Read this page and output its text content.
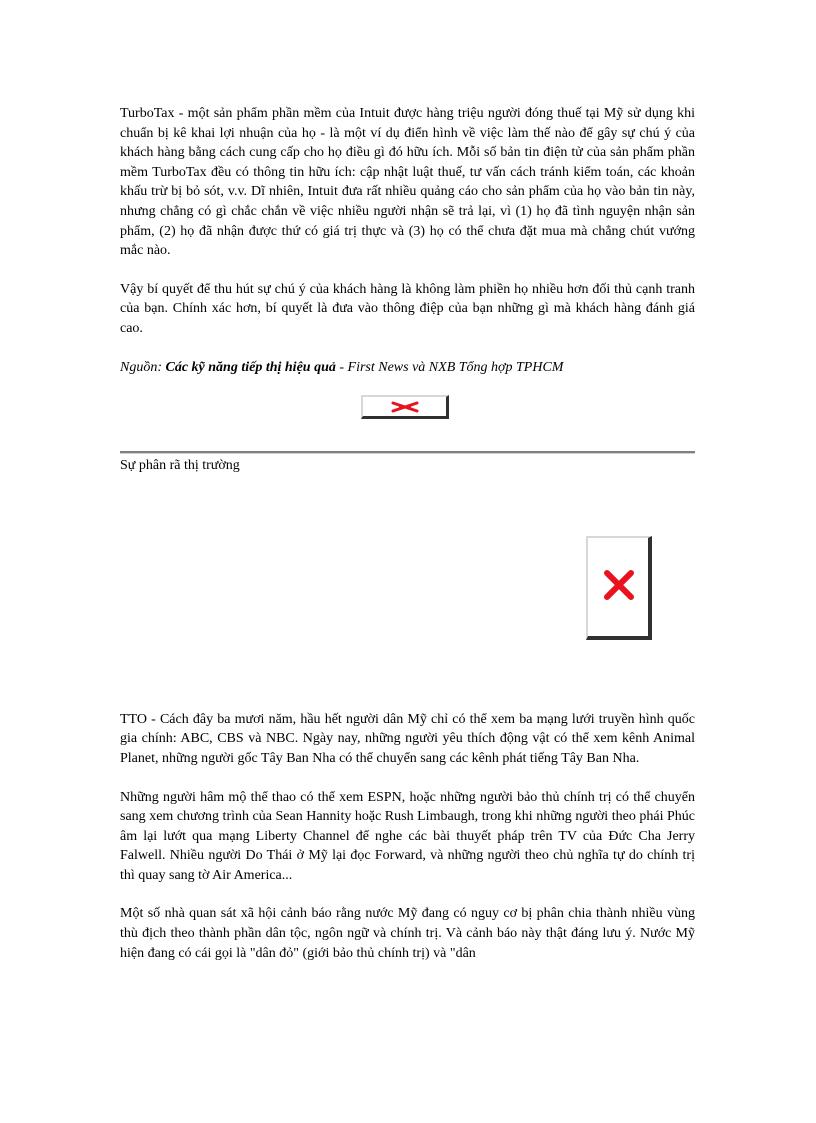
TurboTax - một sản phẩm phần mềm của Intuit được hàng triệu người đóng thuế tại Mỹ sử dụng khi chuẩn bị kê khai lợi nhuận của họ - là một ví dụ điển hình về việc làm thế nào để gây sự chú ý của khách hàng bằng cách cung cấp cho họ điều gì đó hữu ích. Mỗi số bản tin điện tử của sản phẩm phần mềm TurboTax đều có thông tin hữu ích: cập nhật luật thuế, tư vấn cách tránh kiểm toán, các khoản khấu trừ bị bỏ sót, v.v. Dĩ nhiên, Intuit đưa rất nhiều quảng cáo cho sản phẩm của họ vào bản tin này, nhưng chẳng có gì chắc chắn về việc nhiều người nhận sẽ trả lại, vì (1) họ đã tình nguyện nhận sản phẩm, (2) họ đã nhận được thứ có giá trị thực và (3) họ có thể chưa đặt mua mà chẳng chút vướng mắc nào.

Vậy bí quyết để thu hút sự chú ý của khách hàng là không làm phiền họ nhiều hơn đối thủ cạnh tranh của bạn. Chính xác hơn, bí quyết là đưa vào thông điệp của bạn những gì mà khách hàng đánh giá cao.

Nguồn: Các kỹ năng tiếp thị hiệu quả - First News và NXB Tổng hợp TPHCM

Sự phân rã thị trường

TTO - Cách đây ba mươi năm, hầu hết người dân Mỹ chỉ có thể xem ba mạng lưới truyền hình quốc gia chính: ABC, CBS và NBC. Ngày nay, những người yêu thích động vật có thể xem kênh Animal Planet, những người gốc Tây Ban Nha có thể chuyển sang các kênh phát tiếng Tây Ban Nha.

Những người hâm mộ thể thao có thể xem ESPN, hoặc những người bảo thủ chính trị có thể chuyển sang xem chương trình của Sean Hannity hoặc Rush Limbaugh, trong khi những người theo phái Phúc âm lại lướt qua mạng Liberty Channel để nghe các bài thuyết pháp trên TV của Đức Cha Jerry Falwell. Nhiều người Do Thái ở Mỹ lại đọc Forward, và những người theo chủ nghĩa tự do chính trị thì quay sang tờ Air America...

Một số nhà quan sát xã hội cảnh báo rằng nước Mỹ đang có nguy cơ bị phân chia thành nhiều vùng thù địch theo thành phần dân tộc, ngôn ngữ và chính trị. Và cảnh báo này thật đáng lưu ý. Nước Mỹ hiện đang có cái gọi là "dân đỏ" (giới bảo thủ chính trị) và "dân
